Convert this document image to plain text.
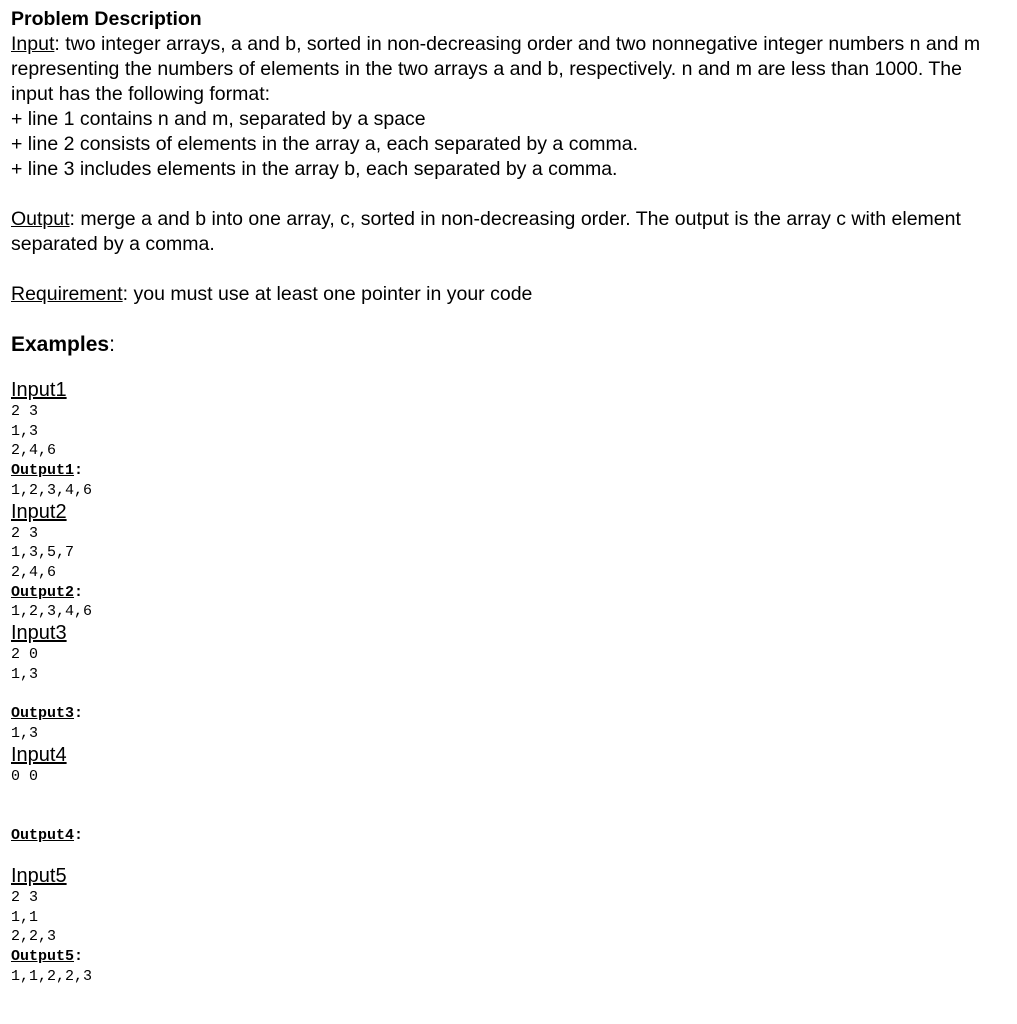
Problem Description

Input: two integer arrays, a and b, sorted in non-decreasing order and two nonnegative integer numbers n and m representing the numbers of elements in the two arrays a and b, respectively. n and m are less than 1000. The input has the following format:

+ line 1 contains n and m, separated by a space

+ line 2 consists of elements in the array a, each separated by a comma.

+ line 3 includes elements in the array b, each separated by a comma.

Output: merge a and b into one array, c, sorted in non-decreasing order. The output is the array c with element separated by a comma.

Requirement: you must use at least one pointer in your code

Examples:

Input1

2 3

1,3

2,4,6

Output1:

1,2,3,4,6

Input2

2 3

1,3,5,7

2,4,6

Output2:

1,2,3,4,6

Input3

2 0

1,3

Output3:

1,3

Input4

0 0

Output4:

Input5

2 3

1,1

2,2,3

Output5:

1,1,2,2,3
